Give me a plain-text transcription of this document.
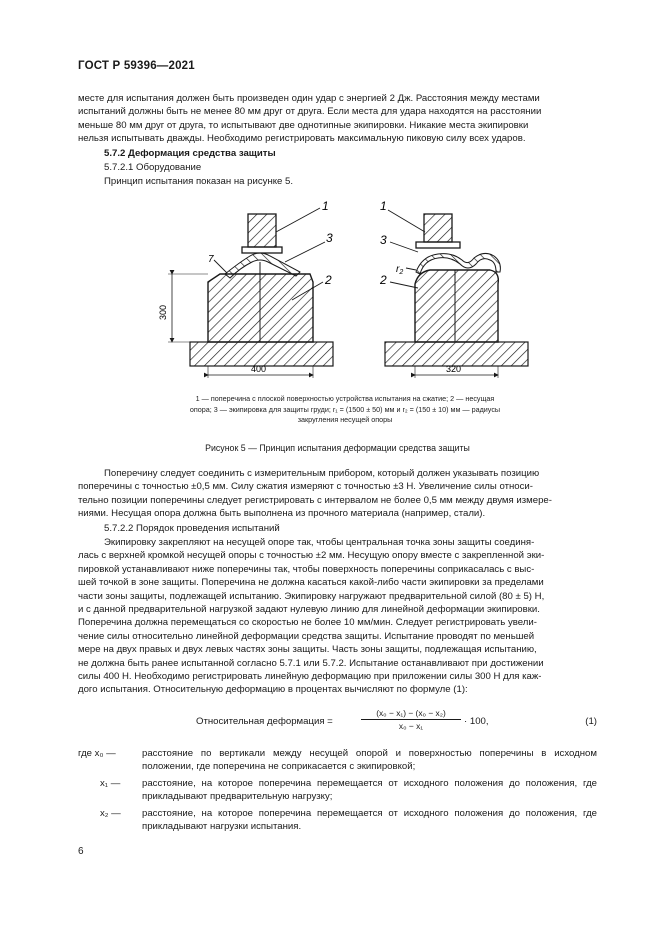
ГОСТ Р 59396—2021
месте для испытания должен быть произведен один удар с энергией 2 Дж. Расстояния между местами
испытаний должны быть не менее 80 мм друг от друга. Если места для удара находятся на расстоянии
меньше 80 мм друг от друга, то испытывают две однотипные экипировки. Никакие места экипировки
нельзя испытывать дважды. Необходимо регистрировать максимальную пиковую силу всех ударов.
5.7.2 Деформация средства защиты
5.7.2.1 Оборудование
Принцип испытания показан на рисунке 5.
1
3
2
7
300
400
1
3
2
$r_2$
320
1 — поперечина с плоской поверхностью устройства испытания на сжатие; 2 — несущая
опора; 3 — экипировка для защиты груди; r₁ = (1500 ± 50) мм и r₂ = (150 ± 10) мм — радиусы
закругления несущей опоры
Рисунок 5 — Принцип испытания деформации средства защиты
Поперечину следует соединить с измерительным прибором, который должен указывать позицию
поперечины с точностью ±0,5 мм. Силу сжатия измеряют с точностью ±3 Н. Увеличение силы относи-
тельно позиции поперечины следует регистрировать с интервалом не более 0,5 мм между двумя измере-
ниями. Несущая опора должна быть выполнена из прочного материала (например, стали).
5.7.2.2 Порядок проведения испытаний
Экипировку закрепляют на несущей опоре так, чтобы центральная точка зоны защиты соединя-
лась с верхней кромкой несущей опоры с точностью ±2 мм. Несущую опору вместе с закрепленной эки-
пировкой устанавливают ниже поперечины так, чтобы поверхность поперечины соприкасалась с выс-
шей точкой в зоне защиты. Поперечина не должна касаться какой-либо части экипировки за пределами
части зоны защиты, подлежащей испытанию. Экипировку нагружают предварительной силой (80 ± 5) Н,
и с данной предварительной нагрузкой задают нулевую линию для линейной деформации экипировки.
Поперечина должна перемещаться со скоростью не более 10 мм/мин. Следует регистрировать увели-
чение силы относительно линейной деформации средства защиты. Испытание проводят по меньшей
мере на двух правых и двух левых частях зоны защиты. Часть зоны защиты, подлежащая испытанию,
не должна быть ранее испытанной согласно 5.7.1 или 5.7.2. Испытание останавливают при достижении
силы 400 Н. Необходимо регистрировать линейную деформацию при приложении силы 300 Н для каж-
дого испытания. Относительную деформацию в процентах вычисляют по формуле (1):
Относительная деформация =	$\frac{\text{(x₀ − x₁) − (x₀ − x₂)}}{\text{x₀ − x₁}} \cdot 100$,	(1)
где x₀ —	расстояние по вертикали между несущей опорой и поверхностью поперечины в исходном положении, где поперечина не соприкасается с экипировкой;
x₁ —	расстояние, на которое поперечина перемещается от исходного положения до положения, где прикладывают предварительную нагрузку;
x₂ —	расстояние, на которое поперечина перемещается от исходного положения до положения, где прикладывают нагрузки испытания.
6
